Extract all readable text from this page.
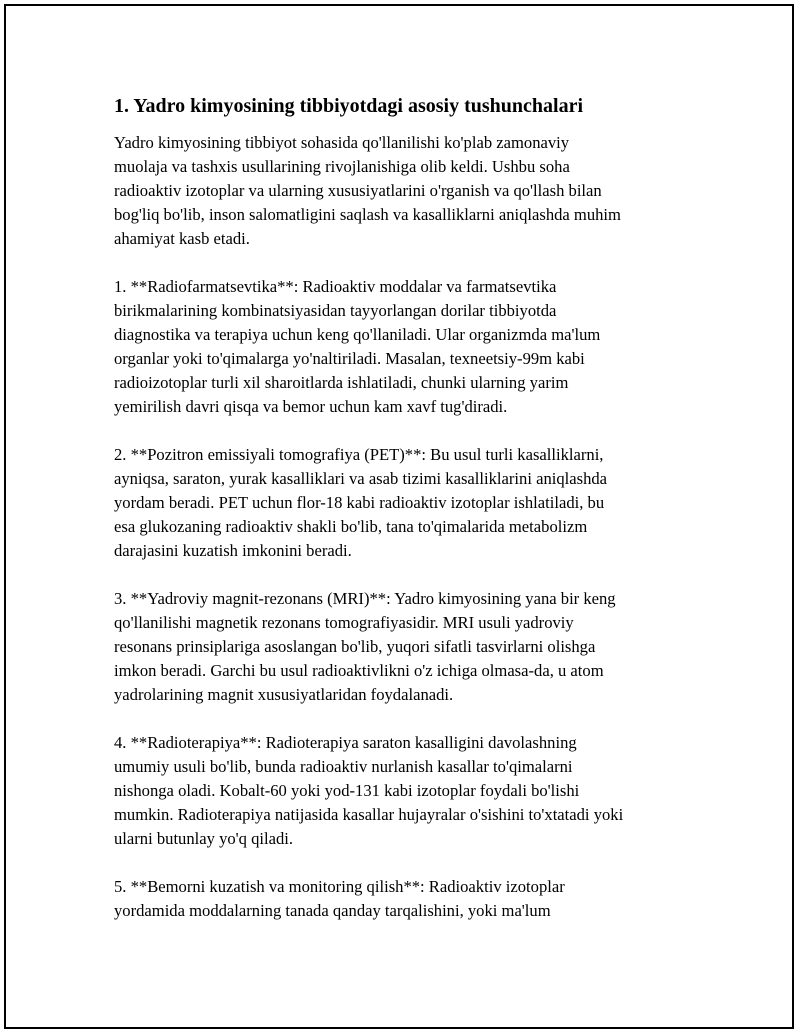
1. Yadro kimyosining tibbiyotdagi asosiy tushunchalari
Yadro kimyosining tibbiyot sohasida qo'llanilishi ko'plab zamonaviy
muolaja va tashxis usullarining rivojlanishiga olib keldi. Ushbu soha
radioaktiv izotoplar va ularning xususiyatlarini o'rganish va qo'llash bilan
bog'liq bo'lib, inson salomatligini saqlash va kasalliklarni aniqlashda muhim
ahamiyat kasb etadi.
1. **Radiofarmatsevtika**: Radioaktiv moddalar va farmatsevtika
birikmalarining kombinatsiyasidan tayyorlangan dorilar tibbiyotda
diagnostika va terapiya uchun keng qo'llaniladi. Ular organizmda ma'lum
organlar yoki to'qimalarga yo'naltiriladi. Masalan, texneetsiy-99m kabi
radioizotoplar turli xil sharoitlarda ishlatiladi, chunki ularning yarim
yemirilish davri qisqa va bemor uchun kam xavf tug'diradi.
2. **Pozitron emissiyali tomografiya (PET)**: Bu usul turli kasalliklarni,
ayniqsa, saraton, yurak kasalliklari va asab tizimi kasalliklarini aniqlashda
yordam beradi. PET uchun flor-18 kabi radioaktiv izotoplar ishlatiladi, bu
esa glukozaning radioaktiv shakli bo'lib, tana to'qimalarida metabolizm
darajasini kuzatish imkonini beradi.
3. **Yadroviy magnit-rezonans (MRI)**: Yadro kimyosining yana bir keng
qo'llanilishi magnetik rezonans tomografiyasidir. MRI usuli yadroviy
resonans prinsiplariga asoslangan bo'lib, yuqori sifatli tasvirlarni olishga
imkon beradi. Garchi bu usul radioaktivlikni o'z ichiga olmasa-da, u atom
yadrolarining magnit xususiyatlaridan foydalanadi.
4. **Radioterapiya**: Radioterapiya saraton kasalligini davolashning
umumiy usuli bo'lib, bunda radioaktiv nurlanish kasallar to'qimalarni
nishonga oladi. Kobalt-60 yoki yod-131 kabi izotoplar foydali bo'lishi
mumkin. Radioterapiya natijasida kasallar hujayralar o'sishini to'xtatadi yoki
ularni butunlay yo'q qiladi.
5. **Bemorni kuzatish va monitoring qilish**: Radioaktiv izotoplar
yordamida moddalarning tanada qanday tarqalishini, yoki ma'lum
